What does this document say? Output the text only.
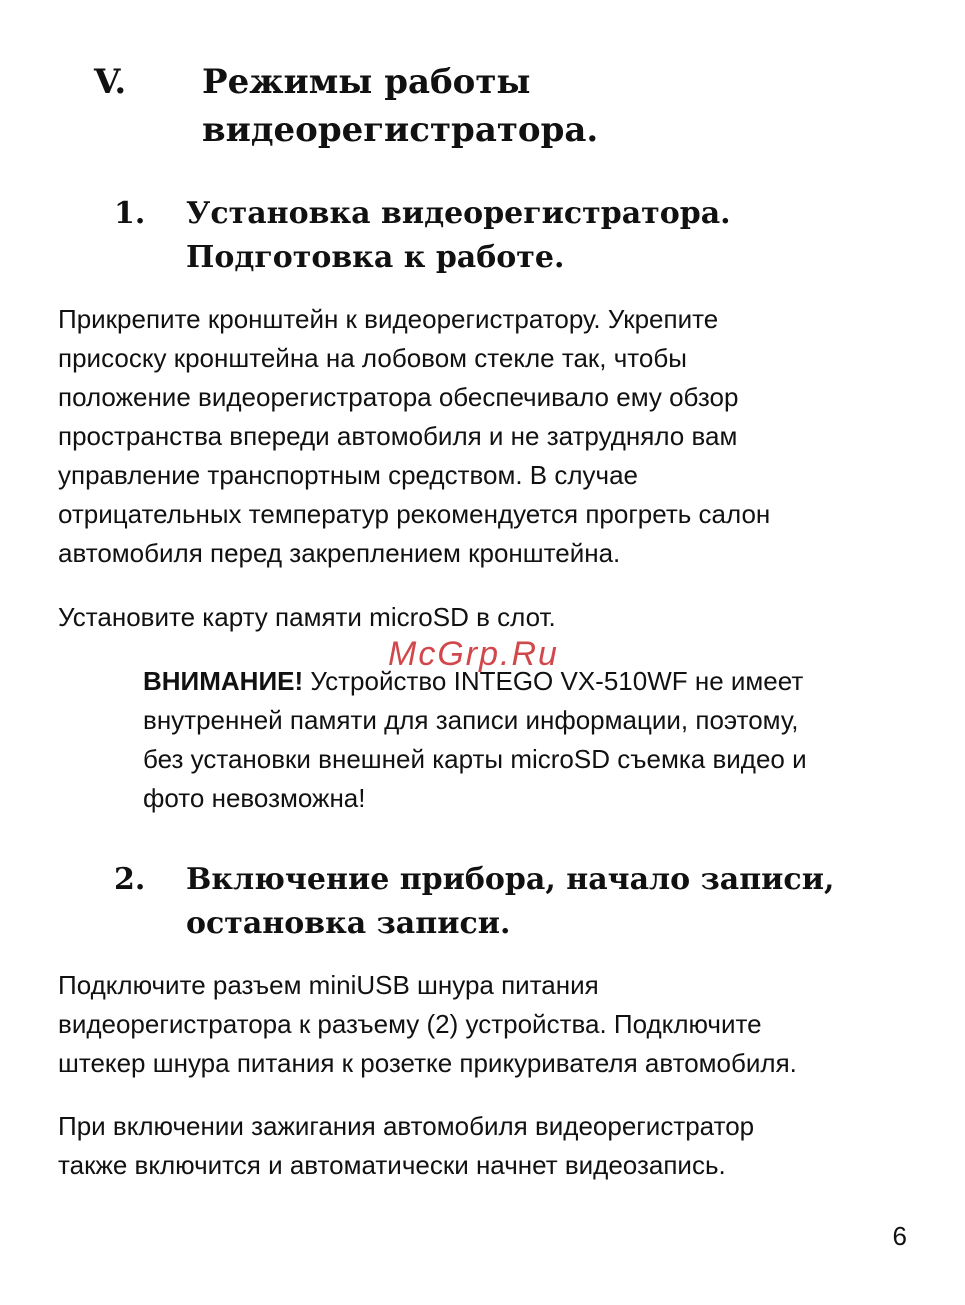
V. Режимы работы
видеорегистратора.
1. Установка видеорегистратора.
Подготовка к работе.
Прикрепите кронштейн к видеорегистратору. Укрепите
присоску кронштейна на лобовом стекле так, чтобы
положение видеорегистратора обеспечивало ему обзор
пространства впереди автомобиля и не затрудняло вам
управление транспортным средством. В случае
отрицательных температур рекомендуется прогреть салон
автомобиля перед закреплением кронштейна.
Установите карту памяти microSD в слот.
McGrp.Ru
ВНИМАНИЕ! Устройство INTEGO VX-510WF не имеет
внутренней памяти для записи информации, поэтому,
без установки внешней карты microSD съемка видео и
фото невозможна!
2. Включение прибора, начало записи,
остановка записи.
Подключите разъем miniUSB шнура питания
видеорегистратора к разъему (2) устройства. Подключите
штекер шнура питания к розетке прикуривателя автомобиля.
При включении зажигания автомобиля видеорегистратор
также включится и автоматически начнет видеозапись.
6
